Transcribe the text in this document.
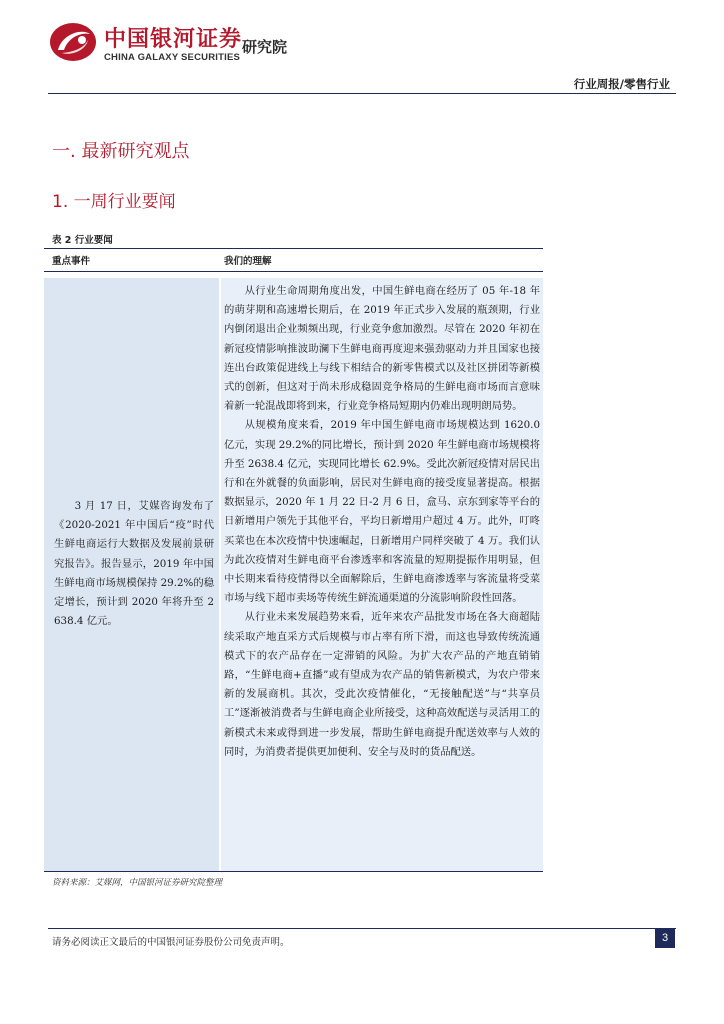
中国银河证券
CHINA GALAXY SECURITIES
研究院
行业周报/零售行业
一. 最新研究观点
1. 一周行业要闻
表 2 行业要闻
重点事件	我们的理解
3 月 17 日，艾媒咨询发布了《2020-2021 年中国后“疫”时代生鲜电商运行大数据及发展前景研究报告》。报告显示，2019 年中国生鲜电商市场规模保持 29.2%的稳定增长，预计到 2020 年将升至 2638.4 亿元。

从行业生命周期角度出发，中国生鲜电商在经历了 05 年-18 年的萌芽期和高速增长期后，在 2019 年正式步入发展的瓶颈期，行业内倒闭退出企业频频出现，行业竞争愈加激烈。尽管在 2020 年初在新冠疫情影响推波助澜下生鲜电商再度迎来强劲驱动力并且国家也接连出台政策促进线上与线下相结合的新零售模式以及社区拼团等新模式的创新，但这对于尚未形成稳固竞争格局的生鲜电商市场而言意味着新一轮混战即将到来，行业竞争格局短期内仍难出现明朗局势。

从规模角度来看，2019 年中国生鲜电商市场规模达到 1620.0 亿元，实现 29.2%的同比增长，预计到 2020 年生鲜电商市场规模将升至 2638.4 亿元，实现同比增长 62.9%。受此次新冠疫情对居民出行和在外就餐的负面影响，居民对生鲜电商的接受度显著提高。根据数据显示，2020 年 1 月 22 日-2 月 6 日，盒马、京东到家等平台的日新增用户领先于其他平台，平均日新增用户超过 4 万。此外，叮咚买菜也在本次疫情中快速崛起，日新增用户同样突破了 4 万。我们认为此次疫情对生鲜电商平台渗透率和客流量的短期提振作用明显，但中长期来看待疫情得以全面解除后，生鲜电商渗透率与客流量将受菜市场与线下超市卖场等传统生鲜流通渠道的分流影响阶段性回落。

从行业未来发展趋势来看，近年来农产品批发市场在各大商超陆续采取产地直采方式后规模与市占率有所下滑，而这也导致传统流通模式下的农产品存在一定滞销的风险。为扩大农产品的产地直销销路，“生鲜电商+直播”或有望成为农产品的销售新模式，为农户带来新的发展商机。其次，受此次疫情催化，“无接触配送”与“共享员工”逐渐被消费者与生鲜电商企业所接受，这种高效配送与灵活用工的新模式未来或得到进一步发展，帮助生鲜电商提升配送效率与人效的同时，为消费者提供更加便利、安全与及时的货品配送。

资料来源：艾媒网，中国银河证券研究院整理
请务必阅读正文最后的中国银河证券股份公司免责声明。	3
